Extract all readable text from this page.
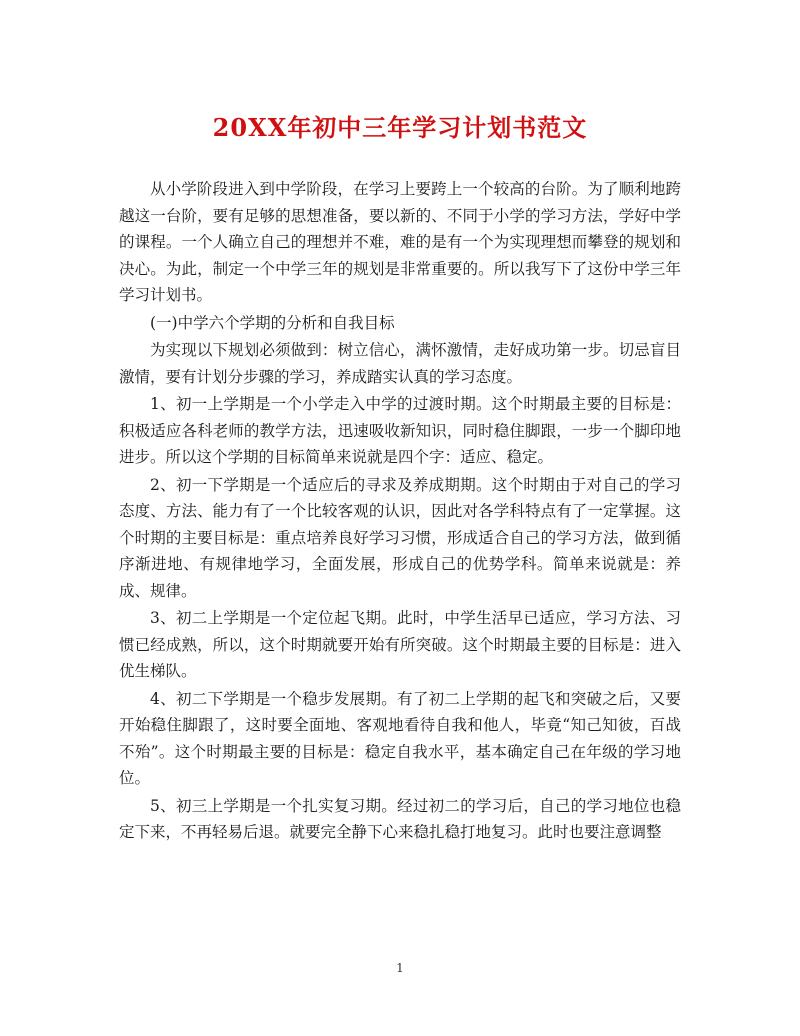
20XX年初中三年学习计划书范文

从小学阶段进入到中学阶段，在学习上要跨上一个较高的台阶。为了顺利地跨越这一台阶，要有足够的思想准备，要以新的、不同于小学的学习方法，学好中学的课程。一个人确立自己的理想并不难，难的是有一个为实现理想而攀登的规划和决心。为此，制定一个中学三年的规划是非常重要的。所以我写下了这份中学三年学习计划书。

(一)中学六个学期的分析和自我目标

为实现以下规划必须做到：树立信心，满怀激情，走好成功第一步。切忌盲目激情，要有计划分步骤的学习，养成踏实认真的学习态度。

1、初一上学期是一个小学走入中学的过渡时期。这个时期最主要的目标是：积极适应各科老师的教学方法，迅速吸收新知识，同时稳住脚跟，一步一个脚印地进步。所以这个学期的目标简单来说就是四个字：适应、稳定。

2、初一下学期是一个适应后的寻求及养成期期。这个时期由于对自己的学习态度、方法、能力有了一个比较客观的认识，因此对各学科特点有了一定掌握。这个时期的主要目标是：重点培养良好学习习惯，形成适合自己的学习方法，做到循序渐进地、有规律地学习，全面发展，形成自己的优势学科。简单来说就是：养成、规律。

3、初二上学期是一个定位起飞期。此时，中学生活早已适应，学习方法、习惯已经成熟，所以，这个时期就要开始有所突破。这个时期最主要的目标是：进入优生梯队。

4、初二下学期是一个稳步发展期。有了初二上学期的起飞和突破之后，又要开始稳住脚跟了，这时要全面地、客观地看待自我和他人，毕竟“知己知彼，百战不殆”。这个时期最主要的目标是：稳定自我水平，基本确定自己在年级的学习地位。

5、初三上学期是一个扎实复习期。经过初二的学习后，自己的学习地位也稳定下来，不再轻易后退。就要完全静下心来稳扎稳打地复习。此时也要注意调整

1
